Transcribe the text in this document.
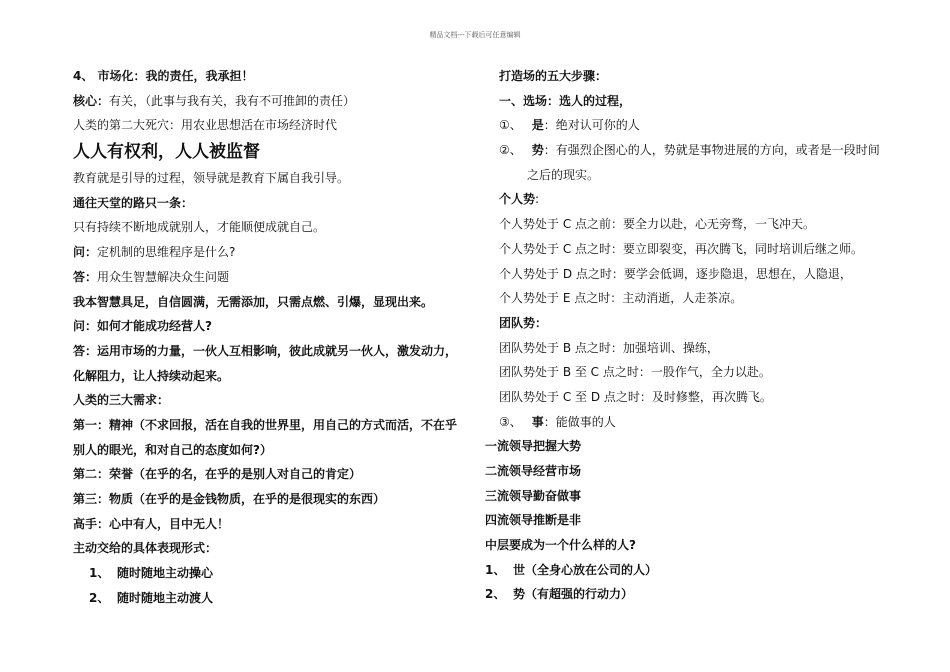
精品文档---下载后可任意编辑
4、 市场化：我的责任，我承担！
核心：有关，（此事与我有关，我有不可推卸的责任）
人类的第二大死穴：用农业思想活在市场经济时代
人人有权利，人人被监督
教育就是引导的过程，领导就是教育下属自我引导。
通往天堂的路只一条：
只有持续不断地成就别人，才能顺便成就自己。
问：定机制的思维程序是什么?
答：用众生智慧解决众生问题
我本智慧具足，自信圆满，无需添加，只需点燃、引爆，显现出来。
问：如何才能成功经营人?
答：运用市场的力量，一伙人互相影响，彼此成就另一伙人，激发动力，
化解阻力，让人持续动起来。
人类的三大需求：
第一：精神（不求回报，活在自我的世界里，用自己的方式而活，不在乎
别人的眼光，和对自己的态度如何?）
第二：荣誉（在乎的名，在乎的是别人对自己的肯定）
第三：物质（在乎的是金钱物质，在乎的是很现实的东西）
高手：心中有人，目中无人！
主动交给的具体表现形式：
1、 随时随地主动操心
2、 随时随地主动渡人
打造场的五大步骤：
一、选场：选人的过程，
①、 是：绝对认可你的人
②、 势：有强烈企图心的人，势就是事物进展的方向，或者是一段时间
之后的现实。
个人势:
个人势处于 C 点之前：要全力以赴，心无旁骛，一飞冲天。
个人势处于 C 点之时：要立即裂变，再次腾飞，同时培训后继之师。
个人势处于 D 点之时：要学会低调，逐步隐退，思想在，人隐退，
个人势处于 E 点之时：主动消逝，人走茶凉。
团队势：
团队势处于 B 点之时：加强培训、操练，
团队势处于 B 至 C 点之时：一股作气，全力以赴。
团队势处于 C 至 D 点之时：及时修整，再次腾飞。
③、 事：能做事的人
一流领导把握大势
二流领导经营市场
三流领导勤奋做事
四流领导推断是非
中层要成为一个什么样的人?
1、 世（全身心放在公司的人）
2、 势（有超强的行动力）
